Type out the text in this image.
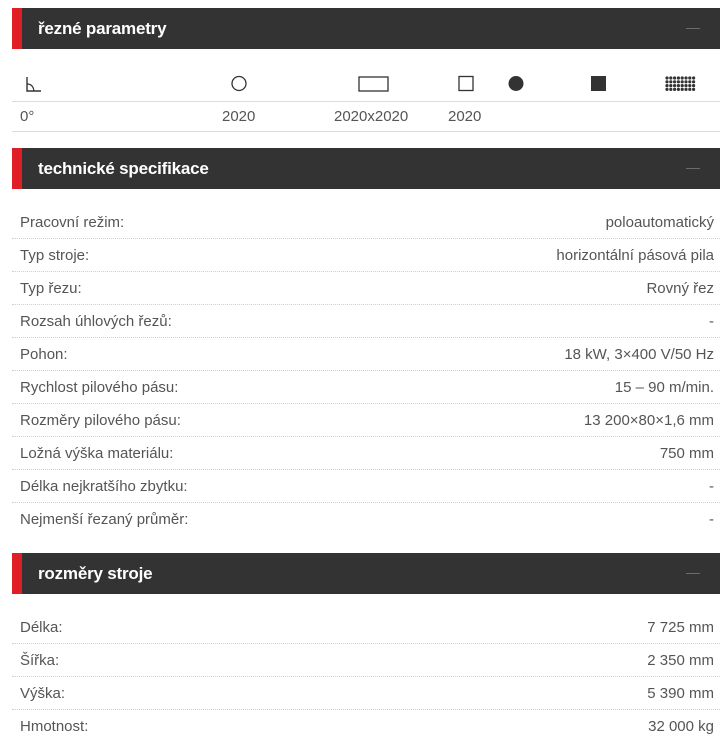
řezné parametry
0°	2020	2020x2020	2020
technické specifikace
Pracovní režim:	poloautomatický
Typ stroje:	horizontální pásová pila
Typ řezu:	Rovný řez
Rozsah úhlových řezů:	-
Pohon:	18 kW, 3×400 V/50 Hz
Rychlost pilového pásu:	15 – 90 m/min.
Rozměry pilového pásu:	13 200×80×1,6 mm
Ložná výška materiálu:	750 mm
Délka nejkratšího zbytku:	-
Nejmenší řezaný průměr:	-
rozměry stroje
Délka:	7 725 mm
Šířka:	2 350 mm
Výška:	5 390 mm
Hmotnost:	32 000 kg
